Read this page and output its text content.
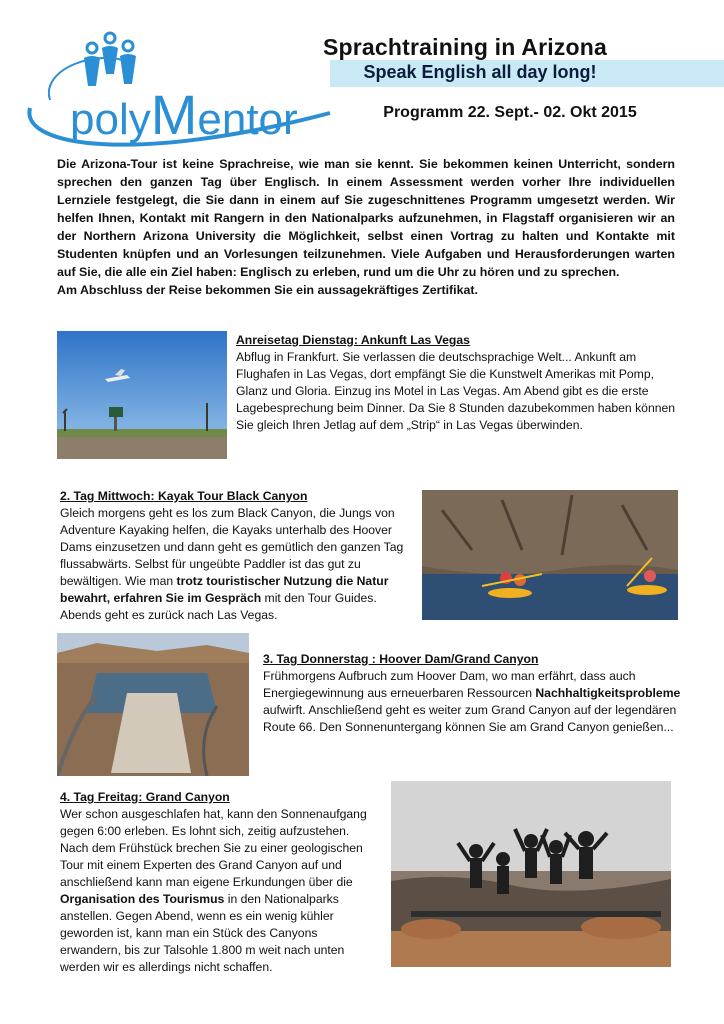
polyMentor
Sprachtraining in Arizona
Speak English all day long!
Programm 22. Sept.- 02. Okt 2015

Die Arizona-Tour ist keine Sprachreise, wie man sie kennt. Sie bekommen keinen Unterricht, sondern sprechen den ganzen Tag über Englisch. In einem Assessment werden vorher Ihre individuellen Lernziele festgelegt, die Sie dann in einem auf Sie zugeschnittenes Programm umgesetzt werden. Wir helfen Ihnen, Kontakt mit Rangern in den Nationalparks aufzunehmen, in Flagstaff organisieren wir an der Northern Arizona University die Möglichkeit, selbst einen Vortrag zu halten und Kontakte mit Studenten knüpfen und an Vorlesungen teilzunehmen. Viele Aufgaben und Herausforderungen warten auf Sie, die alle ein Ziel haben: Englisch zu erleben, rund um die Uhr zu hören und zu sprechen.

Am Abschluss der Reise bekommen Sie ein aussagekräftiges Zertifikat.

Anreisetag Dienstag: Ankunft Las Vegas

Abflug in Frankfurt. Sie verlassen die deutschsprachige Welt... Ankunft am Flughafen in Las Vegas, dort empfängt Sie die Kunstwelt Amerikas mit Pomp, Glanz und Gloria. Einzug ins Motel in Las Vegas. Am Abend gibt es die erste Lagebesprechung beim Dinner. Da Sie 8 Stunden dazubekommen haben können Sie gleich Ihren Jetlag auf dem „Strip“ in Las Vegas überwinden.

2. Tag Mittwoch: Kayak Tour Black Canyon

Gleich morgens geht es los zum Black Canyon, die Jungs von Adventure Kayaking helfen, die Kayaks unterhalb des Hoover Dams einzusetzen und dann geht es gemütlich den ganzen Tag flussabwärts. Selbst für ungeübte Paddler ist das gut zu bewältigen. Wie man trotz touristischer Nutzung die Natur bewahrt, erfahren Sie im Gespräch mit den Tour Guides. Abends geht es zurück nach Las Vegas.

3. Tag Donnerstag : Hoover Dam/Grand Canyon

Frühmorgens Aufbruch zum Hoover Dam, wo man erfährt, dass auch Energiegewinnung aus erneuerbaren Ressourcen Nachhaltigkeitsprobleme aufwirft. Anschließend geht es weiter zum Grand Canyon auf der legendären Route 66. Den Sonnenuntergang können Sie am Grand Canyon genießen...

4. Tag Freitag: Grand Canyon

Wer schon ausgeschlafen hat, kann den Sonnenaufgang gegen 6:00 erleben. Es lohnt sich, zeitig aufzustehen. Nach dem Frühstück brechen Sie zu einer geologischen Tour mit einem Experten des Grand Canyon auf und anschließend kann man eigene Erkundungen über die Organisation des Tourismus in den Nationalparks anstellen. Gegen Abend, wenn es ein wenig kühler geworden ist, kann man ein Stück des Canyons erwandern, bis zur Talsohle 1.800 m weit nach unten werden wir es allerdings nicht schaffen.
